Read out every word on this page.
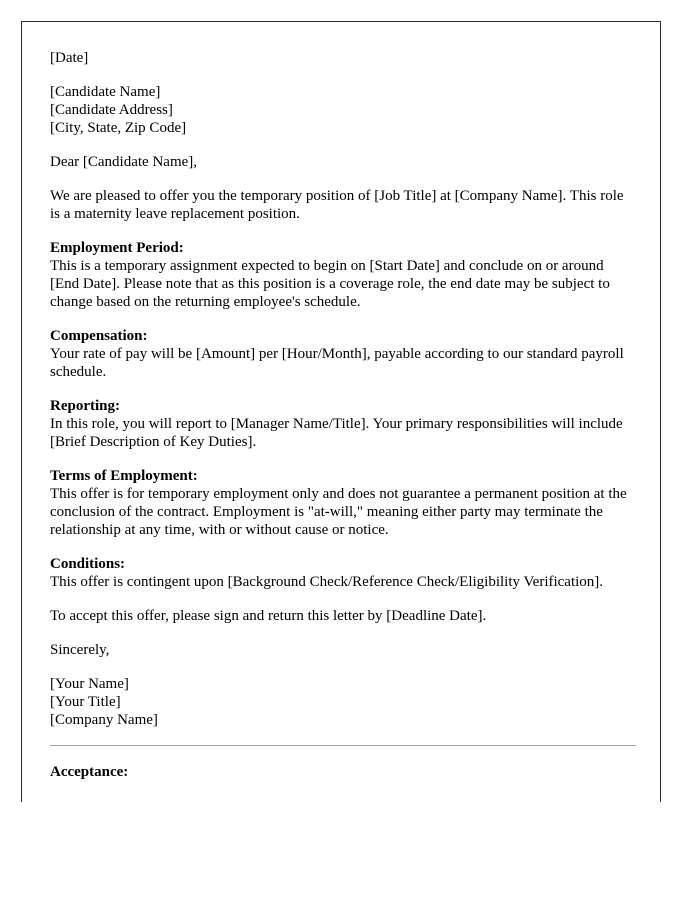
[Date]

[Candidate Name]
[Candidate Address]
[City, State, Zip Code]

Dear [Candidate Name],

We are pleased to offer you the temporary position of [Job Title] at [Company Name]. This role is a maternity leave replacement position.

Employment Period:
This is a temporary assignment expected to begin on [Start Date] and conclude on or around [End Date]. Please note that as this position is a coverage role, the end date may be subject to change based on the returning employee's schedule.

Compensation:
Your rate of pay will be [Amount] per [Hour/Month], payable according to our standard payroll schedule.

Reporting:
In this role, you will report to [Manager Name/Title]. Your primary responsibilities will include [Brief Description of Key Duties].

Terms of Employment:
This offer is for temporary employment only and does not guarantee a permanent position at the conclusion of the contract. Employment is "at-will," meaning either party may terminate the relationship at any time, with or without cause or notice.

Conditions:
This offer is contingent upon [Background Check/Reference Check/Eligibility Verification].

To accept this offer, please sign and return this letter by [Deadline Date].

Sincerely,

[Your Name]
[Your Title]
[Company Name]

Acceptance:
